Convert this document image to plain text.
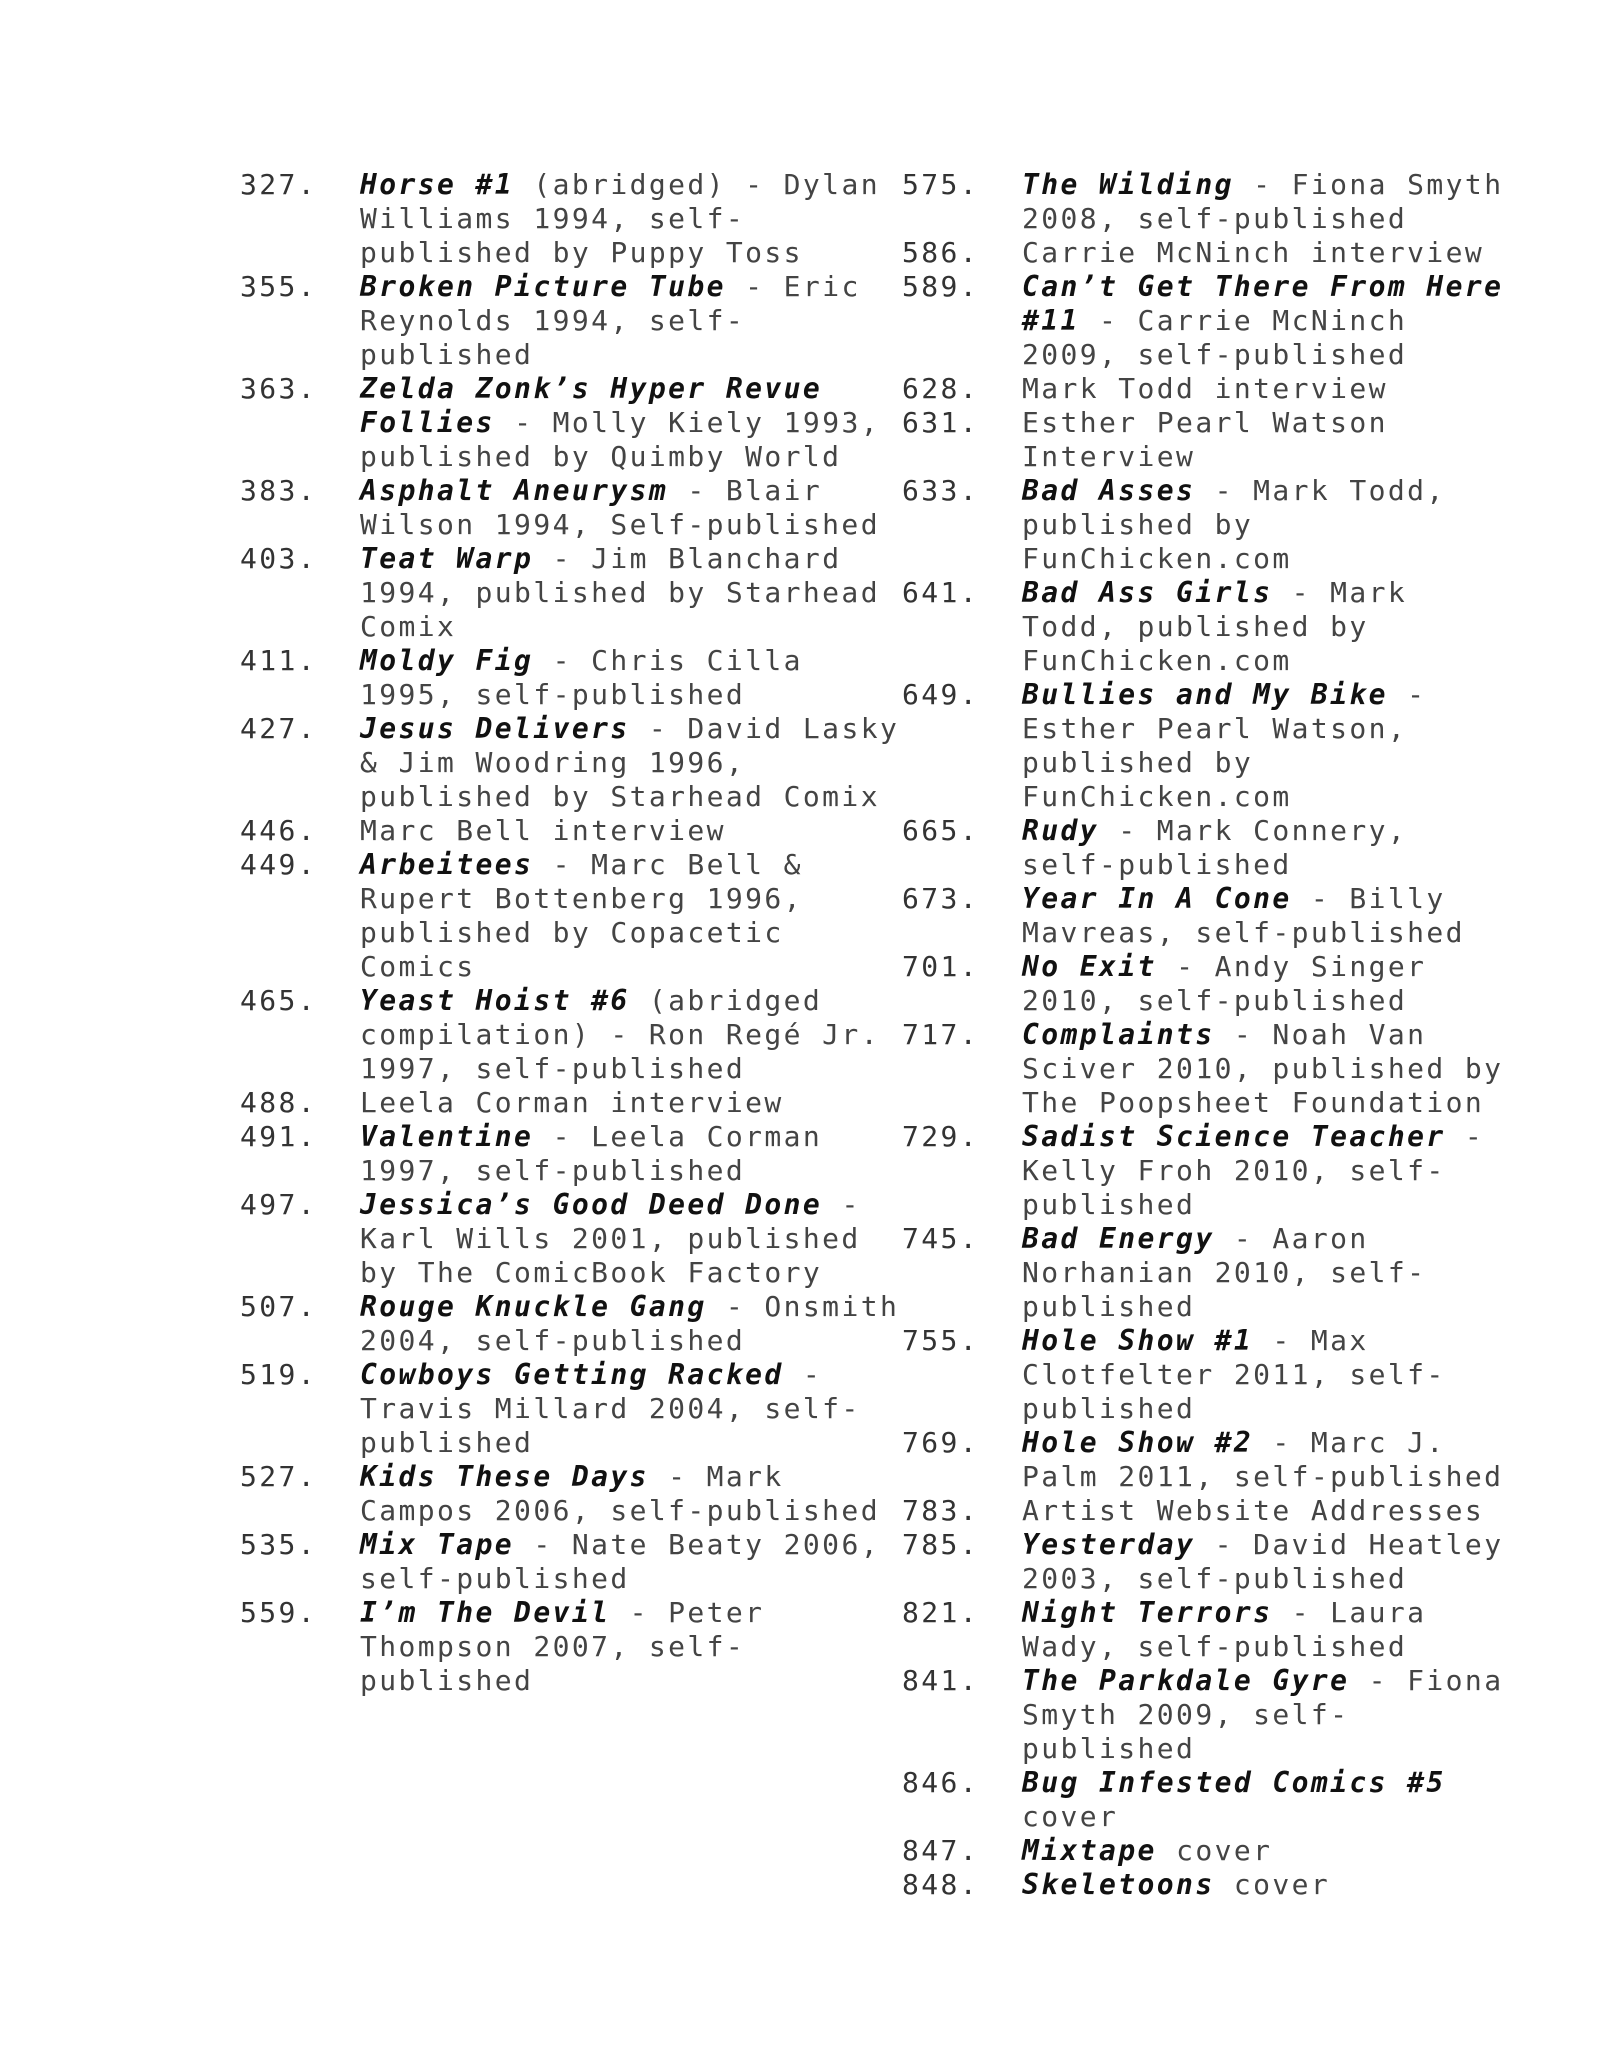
327.	Horse #1 (abridged) - Dylan Williams 1994, self-published by Puppy Toss
355.	Broken Picture Tube - Eric Reynolds 1994, self-published
363.	Zelda Zonk’s Hyper Revue Follies - Molly Kiely 1993, published by Quimby World
383.	Asphalt Aneurysm - Blair Wilson 1994, Self-published
403.	Teat Warp - Jim Blanchard 1994, published by Starhead Comix
411.	Moldy Fig - Chris Cilla 1995, self-published
427.	Jesus Delivers - David Lasky & Jim Woodring 1996, published by Starhead Comix
446.	Marc Bell interview
449.	Arbeitees - Marc Bell & Rupert Bottenberg 1996, published by Copacetic Comics
465.	Yeast Hoist #6 (abridged compilation) - Ron Regé Jr. 1997, self-published
488.	Leela Corman interview
491.	Valentine - Leela Corman 1997, self-published
497.	Jessica’s Good Deed Done - Karl Wills 2001, published by The ComicBook Factory
507.	Rouge Knuckle Gang - Onsmith 2004, self-published
519.	Cowboys Getting Racked - Travis Millard 2004, self-published
527.	Kids These Days - Mark Campos 2006, self-published
535.	Mix Tape - Nate Beaty 2006, self-published
559.	I’m The Devil - Peter Thompson 2007, self-published
575.	The Wilding - Fiona Smyth 2008, self-published
586.	Carrie McNinch interview
589.	Can’t Get There From Here #11 - Carrie McNinch 2009, self-published
628.	Mark Todd interview
631.	Esther Pearl Watson Interview
633.	Bad Asses - Mark Todd, published by FunChicken.com
641.	Bad Ass Girls - Mark Todd, published by FunChicken.com
649.	Bullies and My Bike - Esther Pearl Watson, published by FunChicken.com
665.	Rudy - Mark Connery, self-published
673.	Year In A Cone - Billy Mavreas, self-published
701.	No Exit - Andy Singer 2010, self-published
717.	Complaints - Noah Van Sciver 2010, published by The Poopsheet Foundation
729.	Sadist Science Teacher - Kelly Froh 2010, self-published
745.	Bad Energy - Aaron Norhanian 2010, self-published
755.	Hole Show #1 - Max Clotfelter 2011, self-published
769.	Hole Show #2 - Marc J. Palm 2011, self-published
783.	Artist Website Addresses
785.	Yesterday - David Heatley 2003, self-published
821.	Night Terrors - Laura Wady, self-published
841.	The Parkdale Gyre - Fiona Smyth 2009, self-published
846.	Bug Infested Comics #5 cover
847.	Mixtape cover
848.	Skeletoons cover
